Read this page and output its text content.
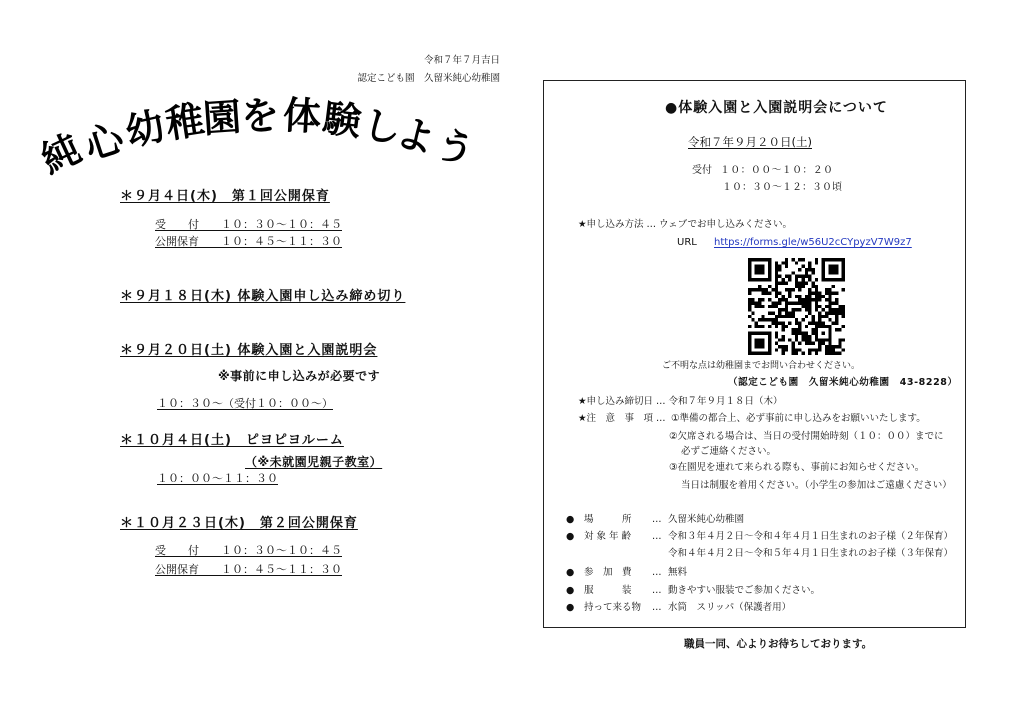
令和７年７月吉日
認定こども園　久留米純心幼稚園
純
心
幼
稚
園
を 体
験
し
よ
う
＊９月４日(木)　第１回公開保育
受　　付　　１０：３０～１０：４５
公開保育　　１０：４５～１１：３０
＊９月１８日(木) 体験入園申し込み締め切り
＊９月２０日(土) 体験入園と入園説明会
※事前に申し込みが必要です
１０：３０～（受付１０：００～）
＊１０月４日(土)　ピヨピヨルーム
（※未就園児親子教室）
１０：００～１１：３０
＊１０月２３日(木)　第２回公開保育
受　　付　　１０：３０～１０：４５
公開保育　　１０：４５～１１：３０
●体験入園と入園説明会について
令和７年９月２０日(土)
受付 １０：００～１０：２０
１０：３０～１２：３０頃
★申し込み方法 … ウェブでお申し込みください。
URL https://forms.gle/w56U2cCYpyzV7W9z7
ご不明な点は幼稚園までお問い合わせください。
（認定こども園　久留米純心幼稚園　43-8228）
★申し込み締切日 … 令和７年９月１８日（木）
★注　意　事　項 … ①準備の都合上、必ず事前に申し込みをお願いいたします。
②欠席される場合は、当日の受付開始時刻（１０：００）までに
必ずご連絡ください。
③在園児を連れて来られる際も、事前にお知らせください。
当日は制服を着用ください。（小学生の参加はご遠慮ください）
●	場　　　所	… 久留米純心幼稚園
●	対 象 年 齢	… 令和３年４月２日～令和４年４月１日生まれのお子様（２年保育）
令和４年４月２日～令和５年４月１日生まれのお子様（３年保育）
●	参　加　費	… 無料
●	服　　　装	… 動きやすい服装でご参加ください。
●	持って来る物	… 水筒　スリッパ（保護者用）
職員一同、心よりお待ちしております。
